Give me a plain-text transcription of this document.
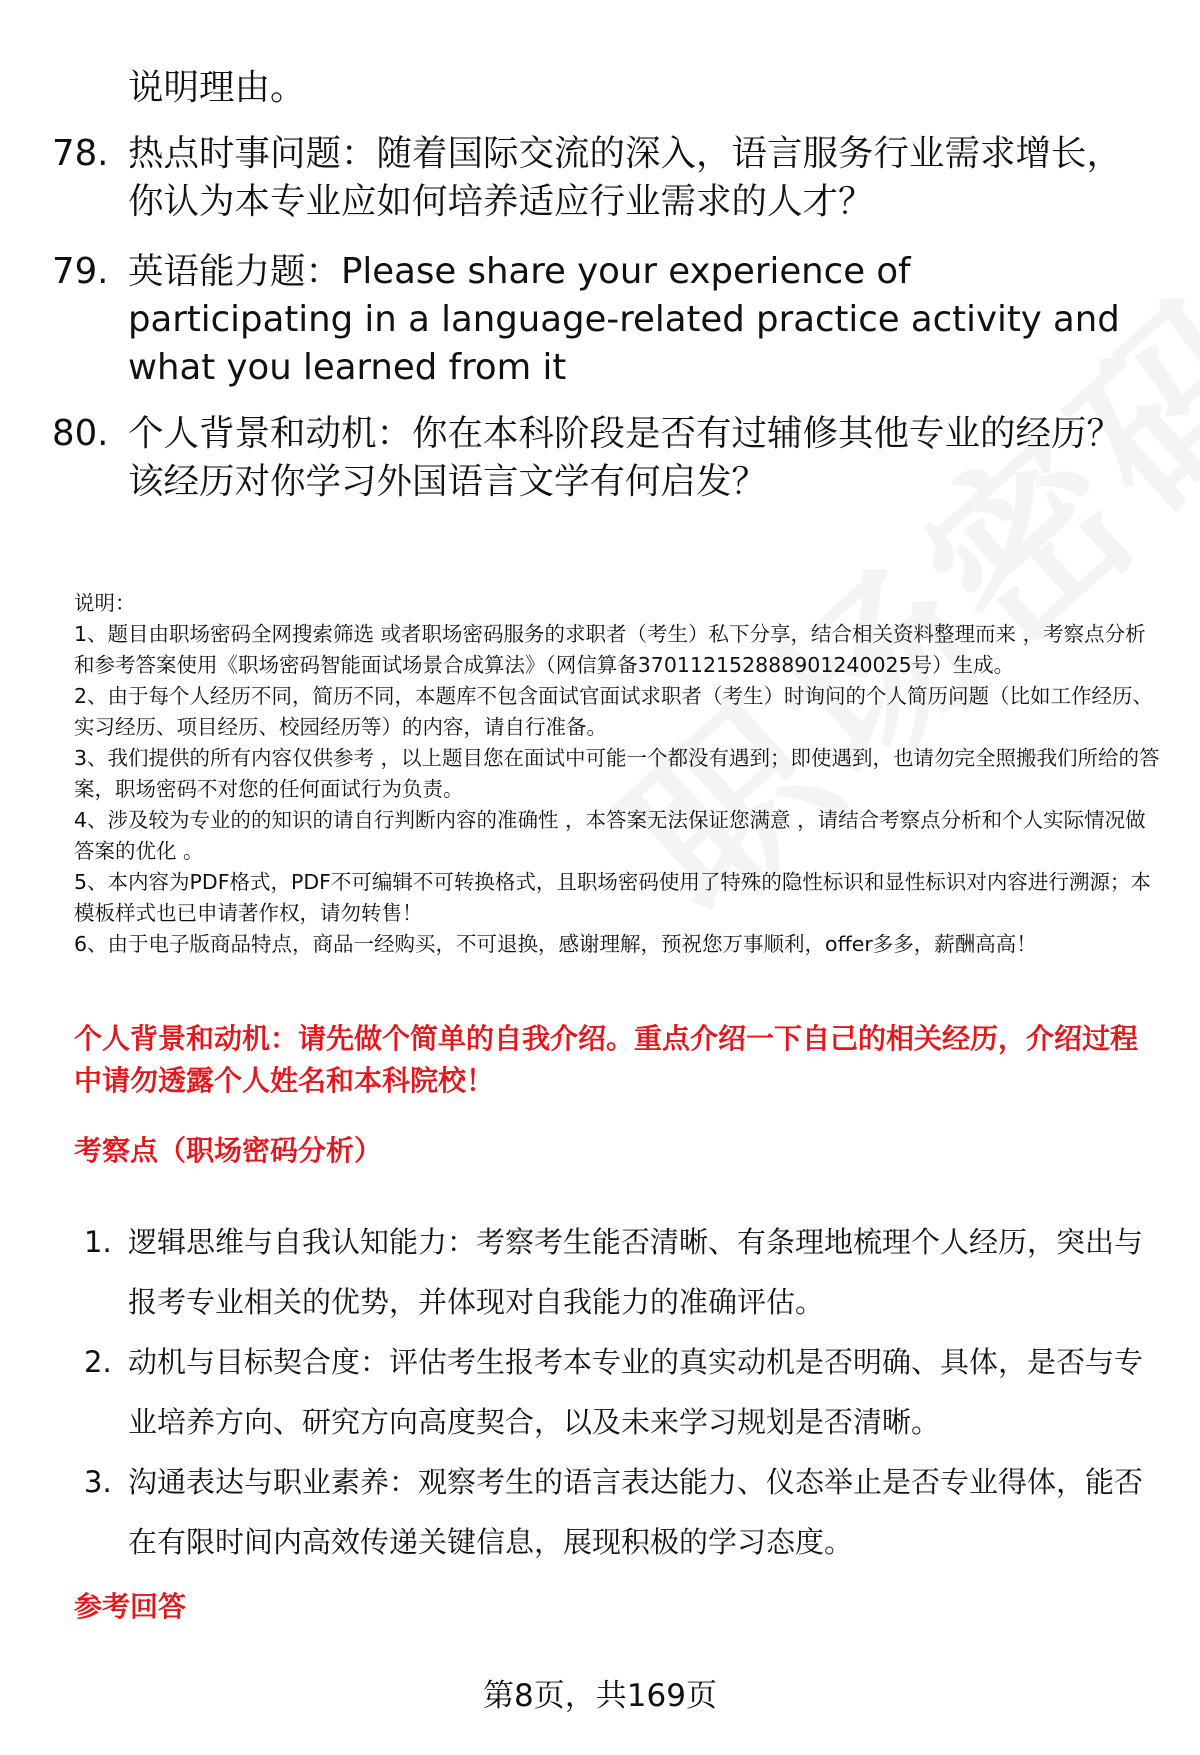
说明理由。
78. 热点时事问题：随着国际交流的深入，语言服务行业需求增长，你认为本专业应如何培养适应行业需求的人才？
79. 英语能力题：Please share your experience of participating in a language-related practice activity and what you learned from it
80. 个人背景和动机：你在本科阶段是否有过辅修其他专业的经历？该经历对你学习外国语言文学有何启发？

说明：

1、题目由职场密码全网搜索筛选 或者职场密码服务的求职者（考生）私下分享，结合相关资料整理而来 ，考察点分析和参考答案使用《职场密码智能面试场景合成算法》（网信算备370112152888901240025号）生成。

2、由于每个人经历不同，简历不同，本题库不包含面试官面试求职者（考生）时询问的个人简历问题（比如工作经历、实习经历、项目经历、校园经历等）的内容，请自行准备。

3、我们提供的所有内容仅供参考 ，以上题目您在面试中可能一个都没有遇到；即使遇到，也请勿完全照搬我们所给的答案，职场密码不对您的任何面试行为负责。

4、涉及较为专业的的知识的请自行判断内容的准确性 ，本答案无法保证您满意 ，请结合考察点分析和个人实际情况做答案的优化 。

5、本内容为PDF格式，PDF不可编辑不可转换格式，且职场密码使用了特殊的隐性标识和显性标识对内容进行溯源；本模板样式也已申请著作权，请勿转售！

6、由于电子版商品特点，商品一经购买，不可退换，感谢理解，预祝您万事顺利，offer多多，薪酬高高！

个人背景和动机：请先做个简单的自我介绍。重点介绍一下自己的相关经历，介绍过程中请勿透露个人姓名和本科院校！
考察点（职场密码分析）
1. 逻辑思维与自我认知能力：考察考生能否清晰、有条理地梳理个人经历，突出与报考专业相关的优势，并体现对自我能力的准确评估。
2. 动机与目标契合度：评估考生报考本专业的真实动机是否明确、具体，是否与专业培养方向、研究方向高度契合，以及未来学习规划是否清晰。
3. 沟通表达与职业素养：观察考生的语言表达能力、仪态举止是否专业得体，能否在有限时间内高效传递关键信息，展现积极的学习态度。
参考回答
第8页，共169页
